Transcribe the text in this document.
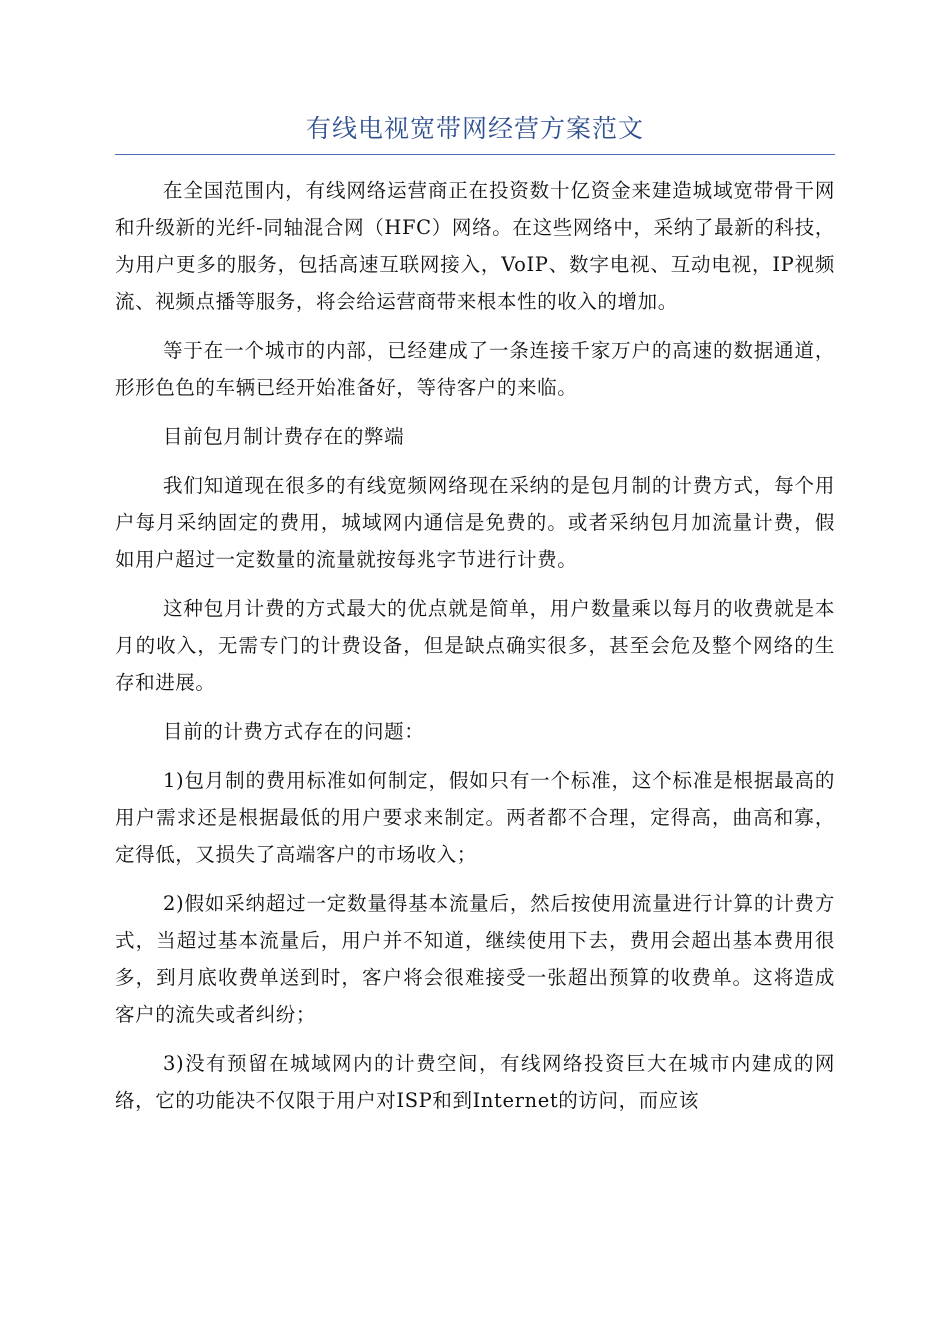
有线电视宽带网经营方案范文

在全国范围内，有线网络运营商正在投资数十亿资金来建造城域宽带骨干网和升级新的光纤-同轴混合网（HFC）网络。在这些网络中，采纳了最新的科技，为用户更多的服务，包括高速互联网接入，VoIP、数字电视、互动电视，IP视频流、视频点播等服务，将会给运营商带来根本性的收入的增加。

等于在一个城市的内部，已经建成了一条连接千家万户的高速的数据通道，形形色色的车辆已经开始准备好，等待客户的来临。

目前包月制计费存在的弊端

我们知道现在很多的有线宽频网络现在采纳的是包月制的计费方式，每个用户每月采纳固定的费用，城域网内通信是免费的。或者采纳包月加流量计费，假如用户超过一定数量的流量就按每兆字节进行计费。

这种包月计费的方式最大的优点就是简单，用户数量乘以每月的收费就是本月的收入，无需专门的计费设备，但是缺点确实很多，甚至会危及整个网络的生存和进展。

目前的计费方式存在的问题：

1)包月制的费用标准如何制定，假如只有一个标准，这个标准是根据最高的用户需求还是根据最低的用户要求来制定。两者都不合理，定得高，曲高和寡，定得低，又损失了高端客户的市场收入；

2)假如采纳超过一定数量得基本流量后，然后按使用流量进行计算的计费方式，当超过基本流量后，用户并不知道，继续使用下去，费用会超出基本费用很多，到月底收费单送到时，客户将会很难接受一张超出预算的收费单。这将造成客户的流失或者纠纷；

3)没有预留在城域网内的计费空间，有线网络投资巨大在城市内建成的网络，它的功能决不仅限于用户对ISP和到Internet的访问，而应该
